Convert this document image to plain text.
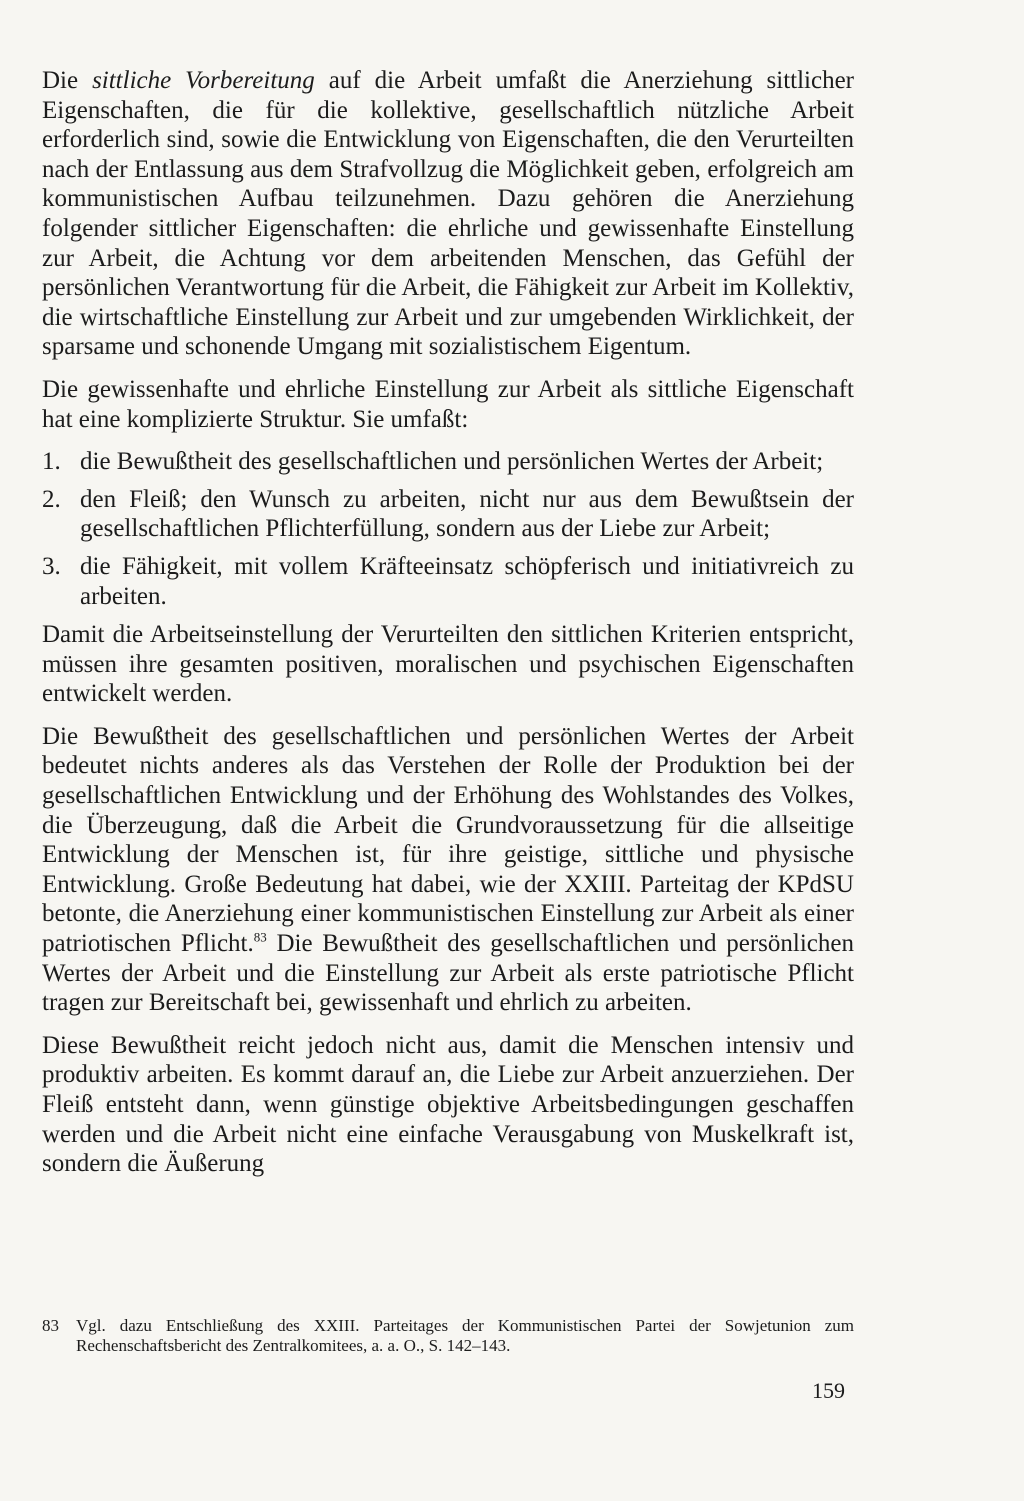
Die sittliche Vorbereitung auf die Arbeit umfaßt die Anerziehung sittlicher Eigenschaften, die für die kollektive, gesellschaftlich nützliche Arbeit erforderlich sind, sowie die Entwicklung von Eigenschaften, die den Verurteilten nach der Entlassung aus dem Strafvollzug die Möglichkeit geben, erfolgreich am kommunistischen Aufbau teilzunehmen. Dazu gehören die Anerziehung folgender sittlicher Eigenschaften: die ehrliche und gewissenhafte Einstellung zur Arbeit, die Achtung vor dem arbeitenden Menschen, das Gefühl der persönlichen Verantwortung für die Arbeit, die Fähigkeit zur Arbeit im Kollektiv, die wirtschaftliche Einstellung zur Arbeit und zur umgebenden Wirklichkeit, der sparsame und schonende Umgang mit sozialistischem Eigentum.

Die gewissenhafte und ehrliche Einstellung zur Arbeit als sittliche Eigenschaft hat eine komplizierte Struktur. Sie umfaßt:

1. die Bewußtheit des gesellschaftlichen und persönlichen Wertes der Arbeit;
2. den Fleiß; den Wunsch zu arbeiten, nicht nur aus dem Bewußtsein der gesellschaftlichen Pflichterfüllung, sondern aus der Liebe zur Arbeit;
3. die Fähigkeit, mit vollem Kräfteeinsatz schöpferisch und initiativreich zu arbeiten.

Damit die Arbeitseinstellung der Verurteilten den sittlichen Kriterien entspricht, müssen ihre gesamten positiven, moralischen und psychischen Eigenschaften entwickelt werden.

Die Bewußtheit des gesellschaftlichen und persönlichen Wertes der Arbeit bedeutet nichts anderes als das Verstehen der Rolle der Produktion bei der gesellschaftlichen Entwicklung und der Erhöhung des Wohlstandes des Volkes, die Überzeugung, daß die Arbeit die Grundvoraussetzung für die allseitige Entwicklung der Menschen ist, für ihre geistige, sittliche und physische Entwicklung. Große Bedeutung hat dabei, wie der XXIII. Parteitag der KPdSU betonte, die Anerziehung einer kommunistischen Einstellung zur Arbeit als einer patriotischen Pflicht.$^{83}$ Die Bewußtheit des gesellschaftlichen und persönlichen Wertes der Arbeit und die Einstellung zur Arbeit als erste patriotische Pflicht tragen zur Bereitschaft bei, gewissenhaft und ehrlich zu arbeiten.

Diese Bewußtheit reicht jedoch nicht aus, damit die Menschen intensiv und produktiv arbeiten. Es kommt darauf an, die Liebe zur Arbeit anzuerziehen. Der Fleiß entsteht dann, wenn günstige objektive Arbeitsbedingungen geschaffen werden und die Arbeit nicht eine einfache Verausgabung von Muskelkraft ist, sondern die Äußerung

83	Vgl. dazu Entschließung des XXIII. Parteitages der Kommunistischen Partei der Sowjetunion zum Rechenschaftsbericht des Zentralkomitees, a. a. O., S. 142–143.
159
